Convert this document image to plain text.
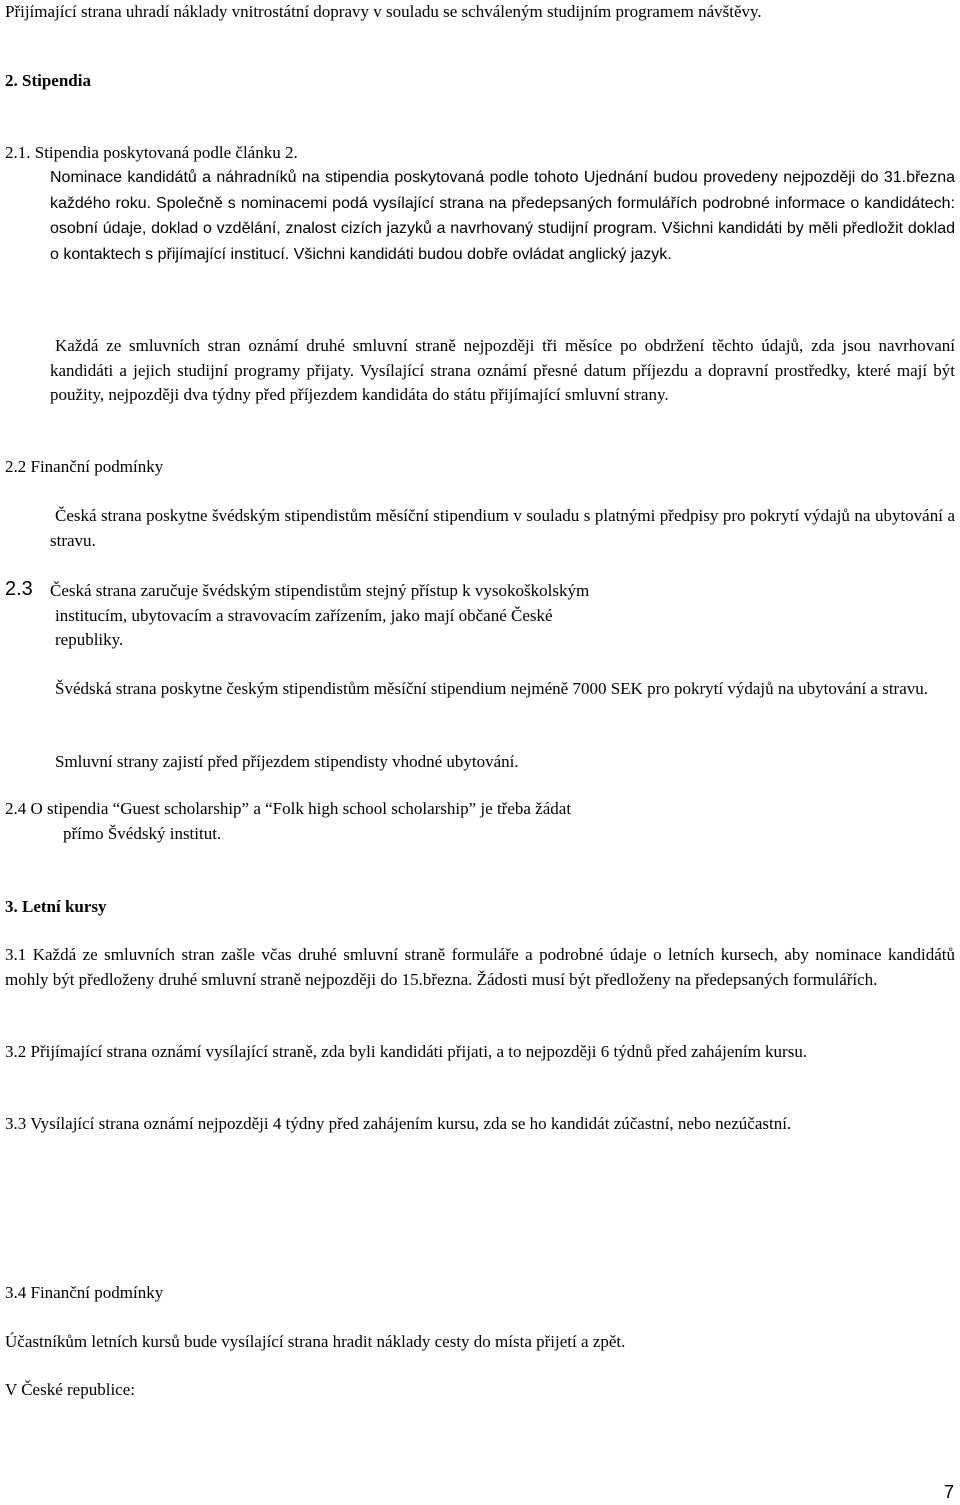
Přijímající strana uhradí náklady vnitrostátní dopravy v souladu se schváleným studijním programem návštěvy.
2. Stipendia
2.1. Stipendia poskytovaná podle článku 2.
Nominace kandidátů a náhradníků na stipendia poskytovaná podle tohoto Ujednání budou provedeny nejpozději do 31.března každého roku. Společně s nominacemi podá vysílající strana na předepsaných formulářích podrobné informace o kandidátech: osobní údaje, doklad o vzdělání, znalost cizích jazyků a navrhovaný studijní program. Všichni kandidáti by měli předložit doklad o kontaktech s přijímající institucí. Všichni kandidáti budou dobře ovládat anglický jazyk.
Každá ze smluvních stran oznámí druhé smluvní straně nejpozději tři měsíce po obdržení těchto údajů, zda jsou navrhovaní kandidáti a jejich studijní programy přijaty. Vysílající strana oznámí přesné datum příjezdu a dopravní prostředky, které mají být použity, nejpozději dva týdny před příjezdem kandidáta do státu přijímající smluvní strany.
2.2 Finanční podmínky
Česká strana poskytne švédským stipendistům měsíční stipendium v souladu s platnými předpisy pro pokrytí výdajů na ubytování a stravu.
2.3 Česká strana zaručuje švédským stipendistům stejný přístup k vysokoškolským
institucím, ubytovacím a stravovacím zařízením, jako mají občané České
republiky.
Švédská strana poskytne českým stipendistům měsíční stipendium nejméně 7000 SEK pro pokrytí výdajů na ubytování a stravu.
Smluvní strany zajistí před příjezdem stipendisty vhodné ubytování.
2.4 O stipendia “Guest scholarship” a “Folk high school scholarship” je třeba žádat
přímo Švédský institut.
3. Letní kursy
3.1 Každá ze smluvních stran zašle včas druhé smluvní straně formuláře a podrobné údaje o letních kursech, aby nominace kandidátů mohly být předloženy druhé smluvní straně nejpozději do 15.března. Žádosti musí být předloženy na předepsaných formulářích.
3.2 Přijímající strana oznámí vysílající straně, zda byli kandidáti přijati, a to nejpozději 6 týdnů před zahájením kursu.
3.3 Vysílající strana oznámí nejpozději 4 týdny před zahájením kursu, zda se ho kandidát zúčastní, nebo nezúčastní.
3.4 Finanční podmínky
Účastníkům letních kursů bude vysílající strana hradit náklady cesty do místa přijetí a zpět.
V České republice:
7
